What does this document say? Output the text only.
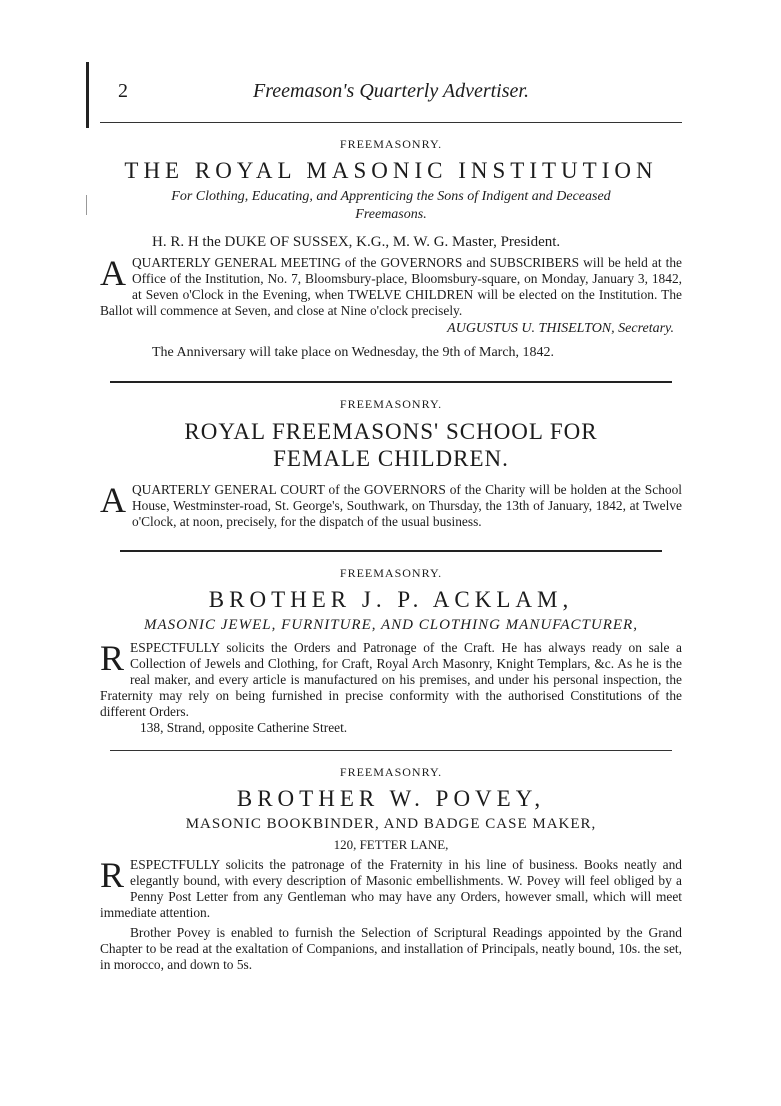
2	Freemason's Quarterly Advertiser.
FREEMASONRY.
THE ROYAL MASONIC INSTITUTION
For Clothing, Educating, and Apprenticing the Sons of Indigent and Deceased Freemasons.
H. R. H the DUKE OF SUSSEX, K.G., M. W. G. Master, President.

AQUARTERLY GENERAL MEETING of the GOVERNORS and SUBSCRIBERS will be held at the Office of the Institution, No. 7, Bloomsbury-place, Bloomsbury-square, on Monday, January 3, 1842, at Seven o'Clock in the Evening, when TWELVE CHILDREN will be elected on the Institution. The Ballot will commence at Seven, and close at Nine o'clock precisely.

AUGUSTUS U. THISELTON, Secretary.
The Anniversary will take place on Wednesday, the 9th of March, 1842.
FREEMASONRY.
ROYAL FREEMASONS' SCHOOL FOR FEMALE CHILDREN.

AQUARTERLY GENERAL COURT of the GOVERNORS of the Charity will be holden at the School House, Westminster-road, St. George's, Southwark, on Thursday, the 13th of January, 1842, at Twelve o'Clock, at noon, precisely, for the dispatch of the usual business.

FREEMASONRY.
BROTHER J. P. ACKLAM,
MASONIC JEWEL, FURNITURE, AND CLOTHING MANUFACTURER,

RESPECTFULLY solicits the Orders and Patronage of the Craft. He has always ready on sale a Collection of Jewels and Clothing, for Craft, Royal Arch Masonry, Knight Templars, &c. As he is the real maker, and every article is manufactured on his premises, and under his personal inspection, the Fraternity may rely on being furnished in precise conformity with the authorised Constitutions of the different Orders.

138, Strand, opposite Catherine Street.
FREEMASONRY.
BROTHER W. POVEY,
MASONIC BOOKBINDER, AND BADGE CASE MAKER,
120, FETTER LANE,

RESPECTFULLY solicits the patronage of the Fraternity in his line of business. Books neatly and elegantly bound, with every description of Masonic embellishments. W. Povey will feel obliged by a Penny Post Letter from any Gentleman who may have any Orders, however small, which will meet immediate attention.

Brother Povey is enabled to furnish the Selection of Scriptural Readings appointed by the Grand Chapter to be read at the exaltation of Companions, and installation of Principals, neatly bound, 10s. the set, in morocco, and down to 5s.
